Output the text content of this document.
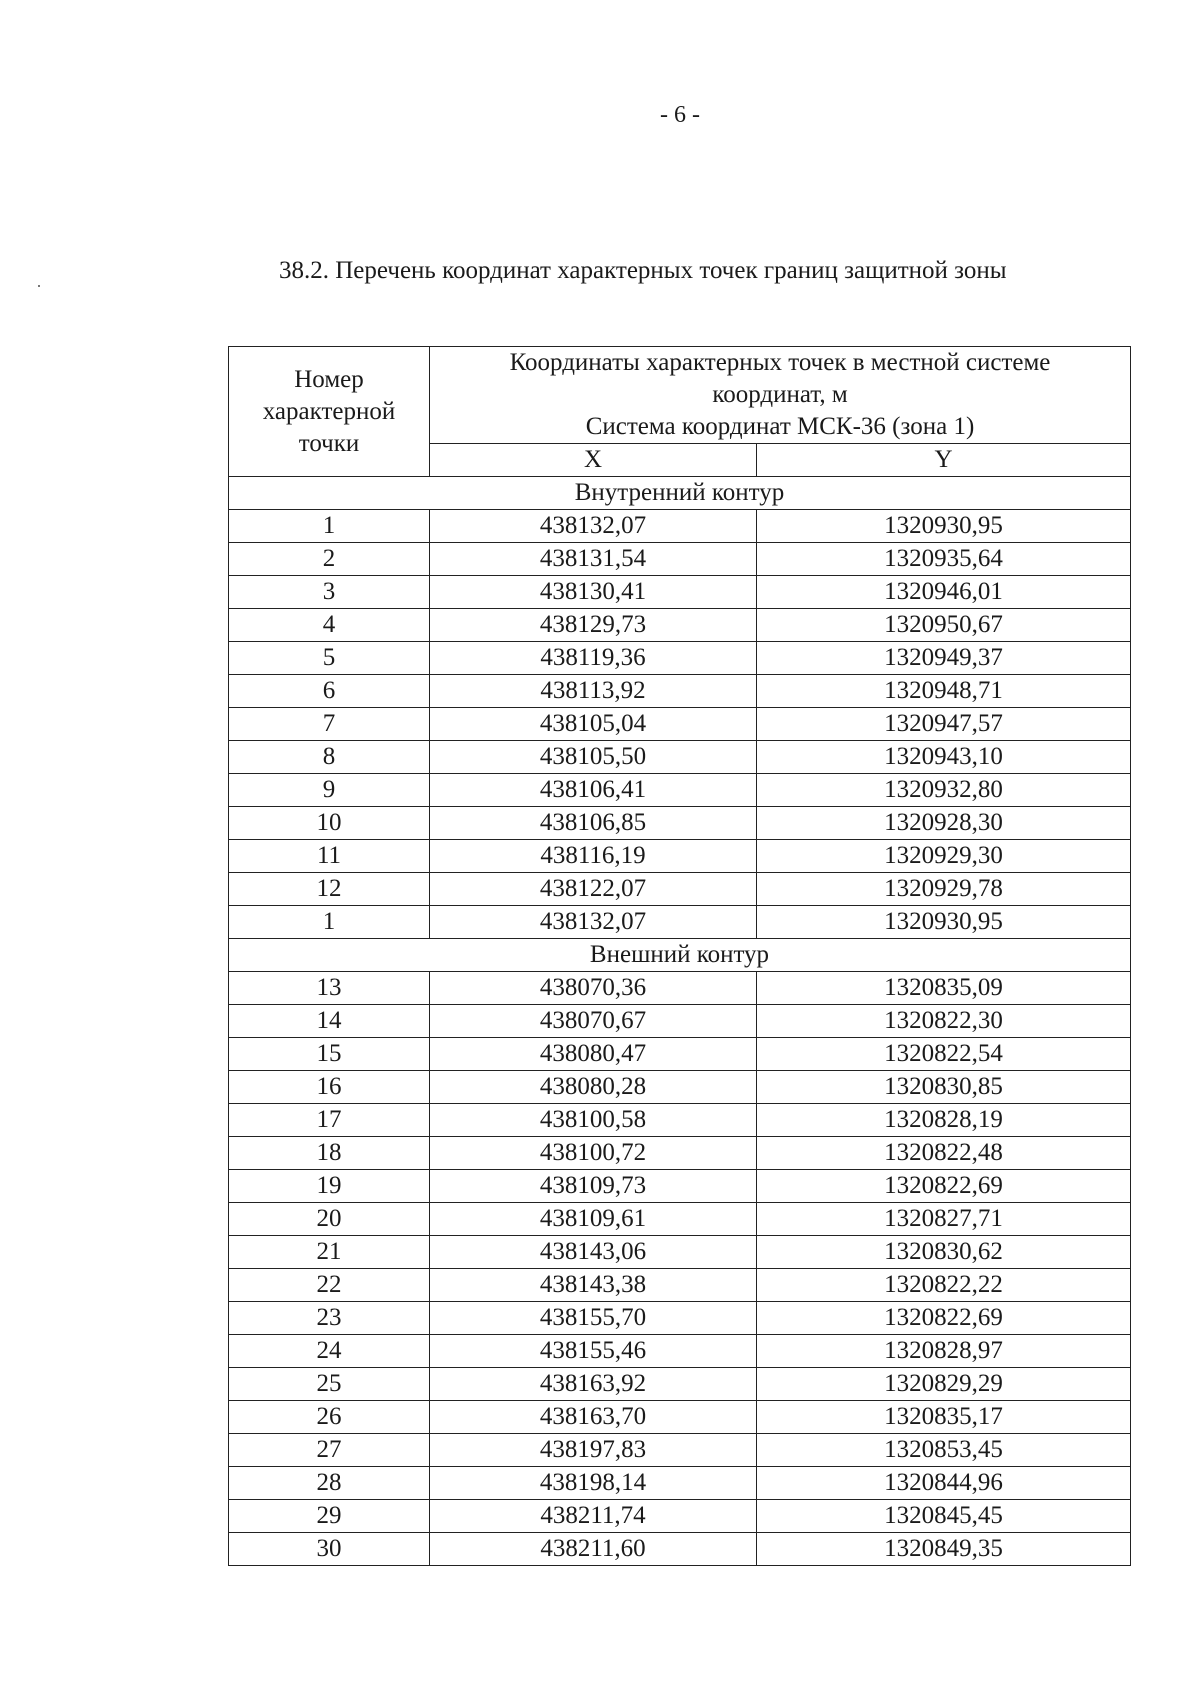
- 6 -
38.2. Перечень координат характерных точек границ защитной зоны
Номер
характерной
точки	Координаты характерных точек в местной системе
координат, м
Система координат МСК-36 (зона 1)	

	X	Y
Внутренний контур		
1	438132,07	1320930,95
2	438131,54	1320935,64
3	438130,41	1320946,01
4	438129,73	1320950,67
5	438119,36	1320949,37
6	438113,92	1320948,71
7	438105,04	1320947,57
8	438105,50	1320943,10
9	438106,41	1320932,80
10	438106,85	1320928,30
11	438116,19	1320929,30
12	438122,07	1320929,78
1	438132,07	1320930,95
Внешний контур		
13	438070,36	1320835,09
14	438070,67	1320822,30
15	438080,47	1320822,54
16	438080,28	1320830,85
17	438100,58	1320828,19
18	438100,72	1320822,48
19	438109,73	1320822,69
20	438109,61	1320827,71
21	438143,06	1320830,62
22	438143,38	1320822,22
23	438155,70	1320822,69
24	438155,46	1320828,97
25	438163,92	1320829,29
26	438163,70	1320835,17
27	438197,83	1320853,45
28	438198,14	1320844,96
29	438211,74	1320845,45
30	438211,60	1320849,35
